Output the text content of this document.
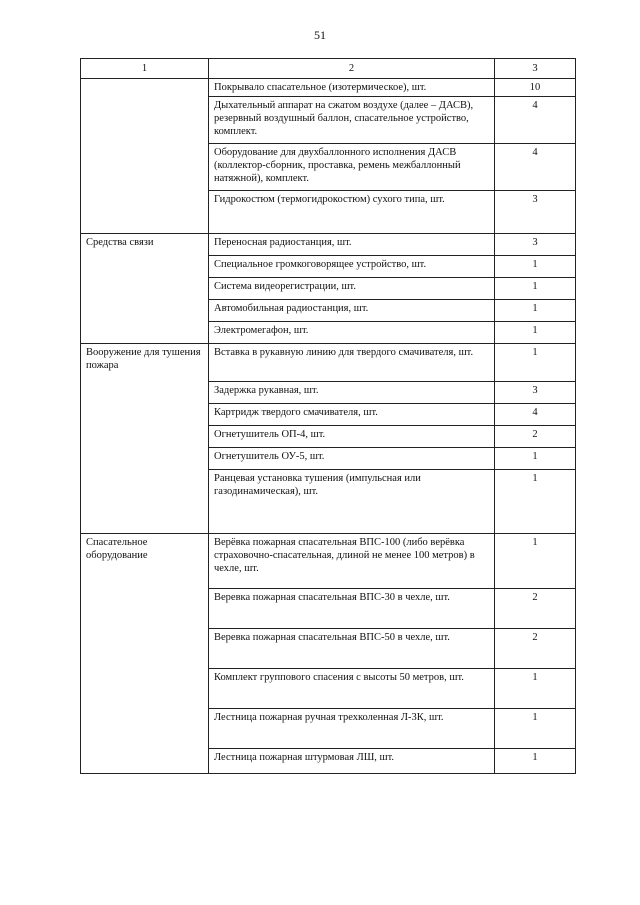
51
1	2	3
	Покрывало спасательное (изотермическое), шт.	10
	Дыхательный аппарат на сжатом воздухе (далее – ДАСВ), резервный воздушный баллон, спасательное устройство, комплект.	4
	Оборудование для двухбаллонного исполнения ДАСВ (коллектор-сборник, проставка, ремень межбаллонный натяжной), комплект.	4
	Гидрокостюм (термогидрокостюм) сухого типа, шт.	3
Средства связи	Переносная радиостанция, шт.	3
	Специальное громкоговорящее устройство, шт.	1
	Система видеорегистрации, шт.	1
	Автомобильная радиостанция, шт.	1
	Электромегафон, шт.	1
Вооружение для тушения пожара	Вставка в рукавную линию для твердого смачивателя, шт.	1
	Задержка рукавная, шт.	3
	Картридж твердого смачивателя, шт.	4
	Огнетушитель ОП-4, шт.	2
	Огнетушитель ОУ-5, шт.	1
	Ранцевая установка тушения (импульсная или газодинамическая), шт.	1
Спасательное оборудование	Верёвка пожарная спасательная ВПС-100 (либо верёвка страховочно-спасательная, длиной не менее 100 метров) в чехле, шт.	1
	Веревка пожарная спасательная ВПС-30 в чехле, шт.	2
	Веревка пожарная спасательная ВПС-50 в чехле, шт.	2
	Комплект группового спасения с высоты 50 метров, шт.	1
	Лестница пожарная ручная трехколенная Л-3К, шт.	1
	Лестница пожарная штурмовая ЛШ, шт.	1
